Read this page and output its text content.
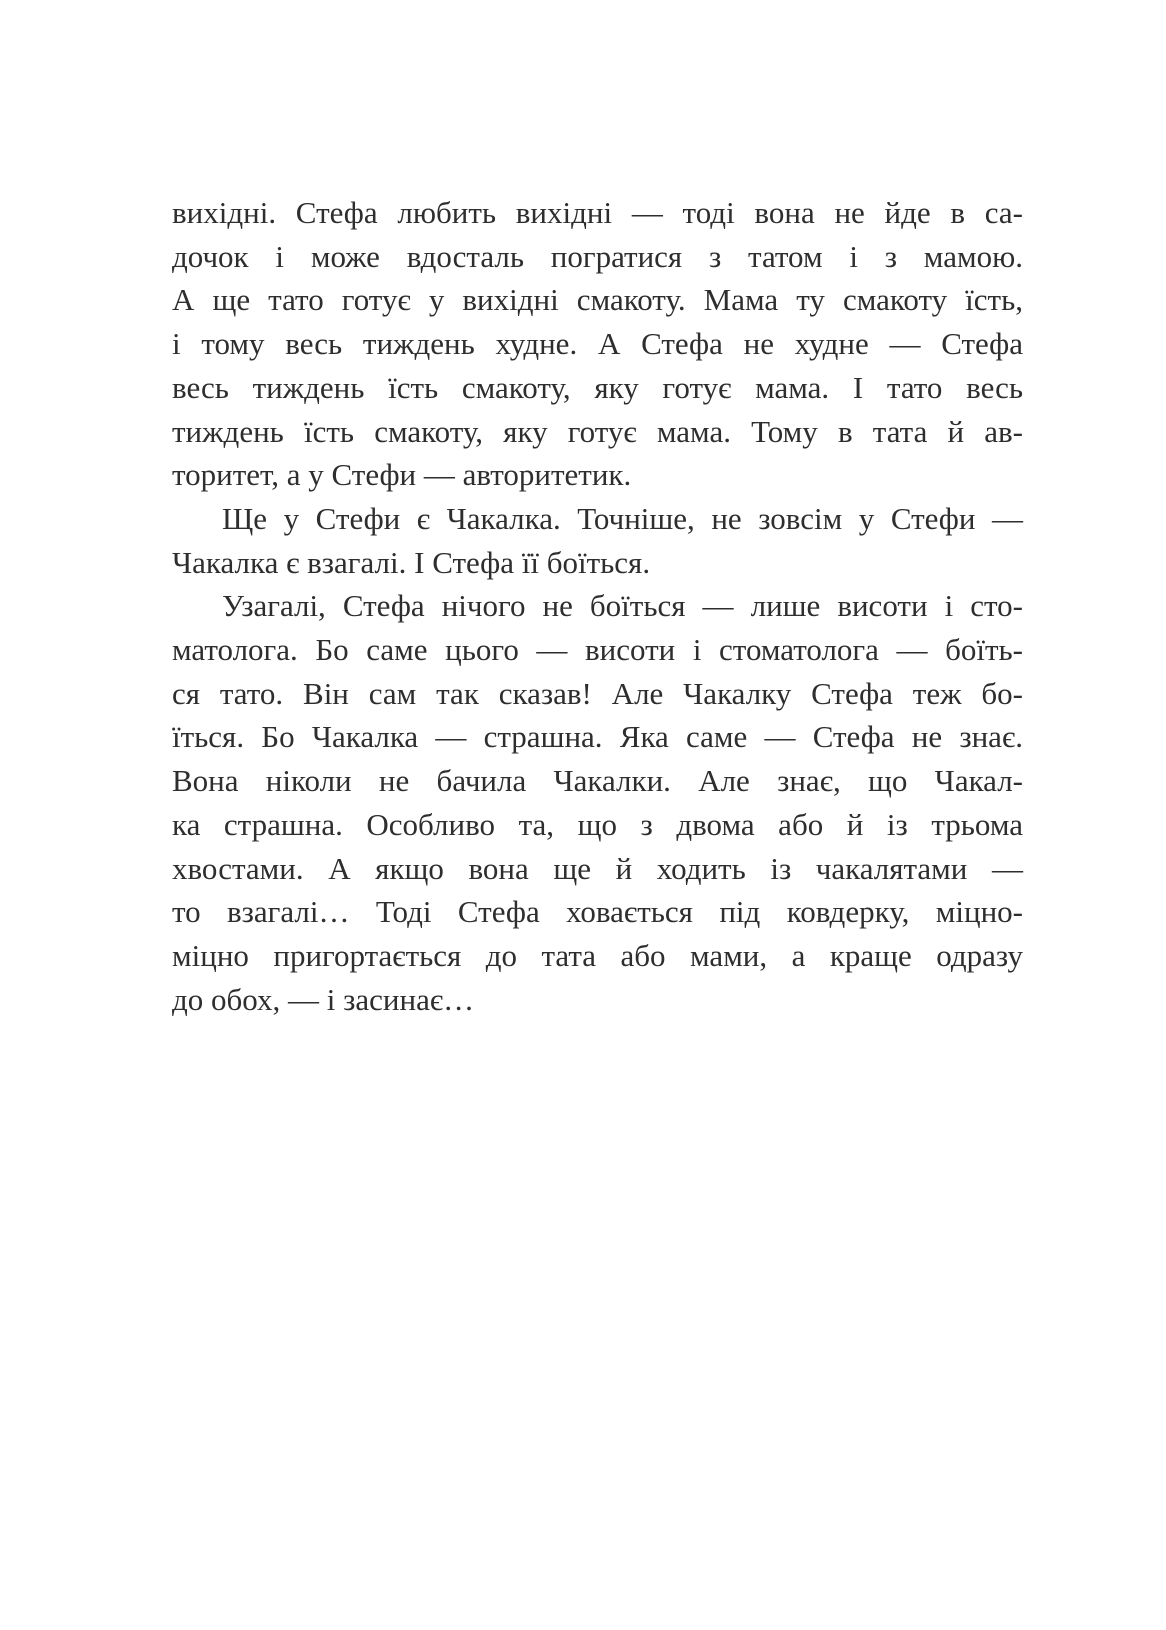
вихідні. Стефа любить вихідні — тоді вона не йде в са-

дочок і може вдосталь погратися з татом і з мамою.

А ще тато готує у вихідні смакоту. Мама ту смакоту їсть,

і тому весь тиждень худне. А Стефа не худне — Стефа

весь тиждень їсть смакоту, яку готує мама. І тато весь

тиждень їсть смакоту, яку готує мама. Тому в тата й ав-

торитет, а у Стефи — авторитетик.

Ще у Стефи є Чакалка. Точніше, не зовсім у Стефи —

Чакалка є взагалі. І Стефа її боїться.

Узагалі, Стефа нічого не боїться — лише висоти і сто-

матолога. Бо саме цього — висоти і стоматолога — боїть-

ся тато. Він сам так сказав! Але Чакалку Стефа теж бо-

їться. Бо Чакалка — страшна. Яка саме — Стефа не знає.

Вона ніколи не бачила Чакалки. Але знає, що Чакал-

ка страшна. Особливо та, що з двома або й із трьома

хвостами. А якщо вона ще й ходить із чакалятами —

то взагалі… Тоді Стефа ховається під ковдерку, міцно-

міцно пригортається до тата або мами, а краще одразу

до обох, — і засинає…
